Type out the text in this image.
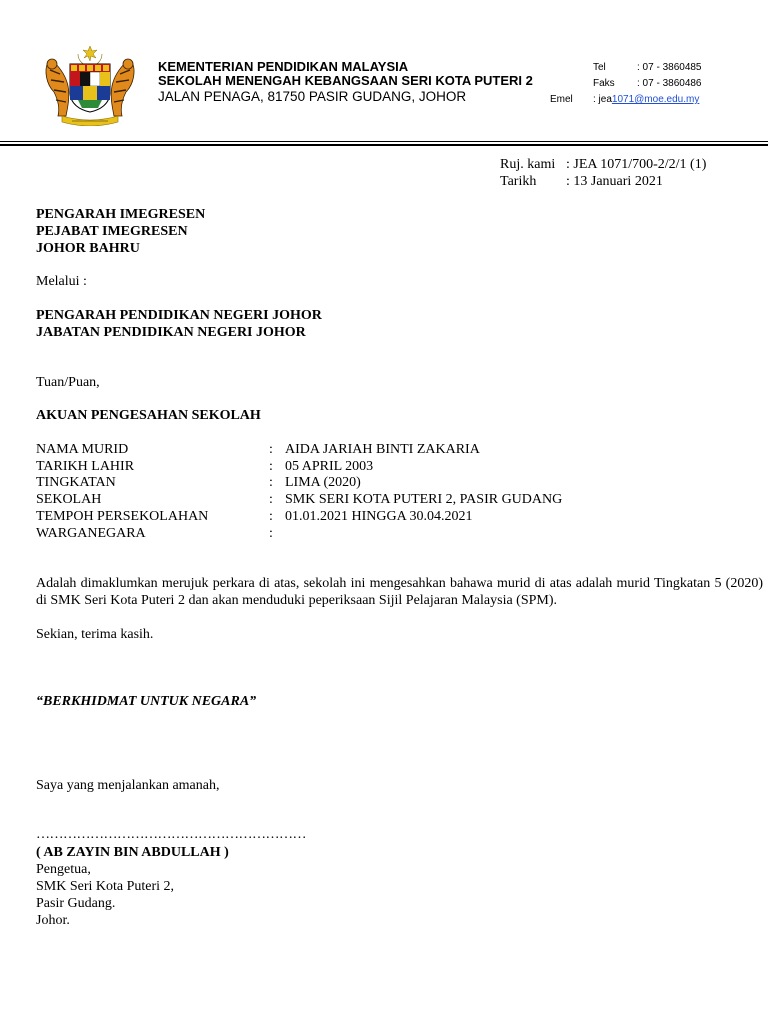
KEMENTERIAN PENDIDIKAN MALAYSIA
SEKOLAH MENENGAH KEBANGSAAN SERI KOTA PUTERI 2
JALAN PENAGA, 81750 PASIR GUDANG, JOHOR
Tel	: 07 - 3860485
Faks : 07 - 3860486
Emel : jea1071@moe.edu.my
Ruj. kami : JEA 1071/700-2/2/1 (1)
Tarikh : 13 Januari 2021
PENGARAH IMEGRESEN
PEJABAT IMEGRESEN
JOHOR BAHRU
Melalui :
PENGARAH PENDIDIKAN NEGERI JOHOR
JABATAN PENDIDIKAN NEGERI JOHOR
Tuan/Puan,
AKUAN PENGESAHAN SEKOLAH
NAMA MURID	: AIDA JARIAH BINTI ZAKARIA
TARIKH LAHIR	: 05 APRIL 2003
TINGKATAN	: LIMA (2020)
SEKOLAH	: SMK SERI KOTA PUTERI 2, PASIR GUDANG
TEMPOH PERSEKOLAHAN	: 01.01.2021 HINGGA 30.04.2021
WARGANEGARA	:
Adalah dimaklumkan merujuk perkara di atas, sekolah ini mengesahkan bahawa murid di atas adalah murid Tingkatan 5 (2020) di SMK Seri Kota Puteri 2 dan akan menduduki peperiksaan Sijil Pelajaran Malaysia (SPM).
Sekian, terima kasih.
“BERKHIDMAT UNTUK NEGARA”
Saya yang menjalankan amanah,
……………………………………………………
( AB ZAYIN BIN ABDULLAH )
Pengetua,
SMK Seri Kota Puteri 2,
Pasir Gudang.
Johor.
